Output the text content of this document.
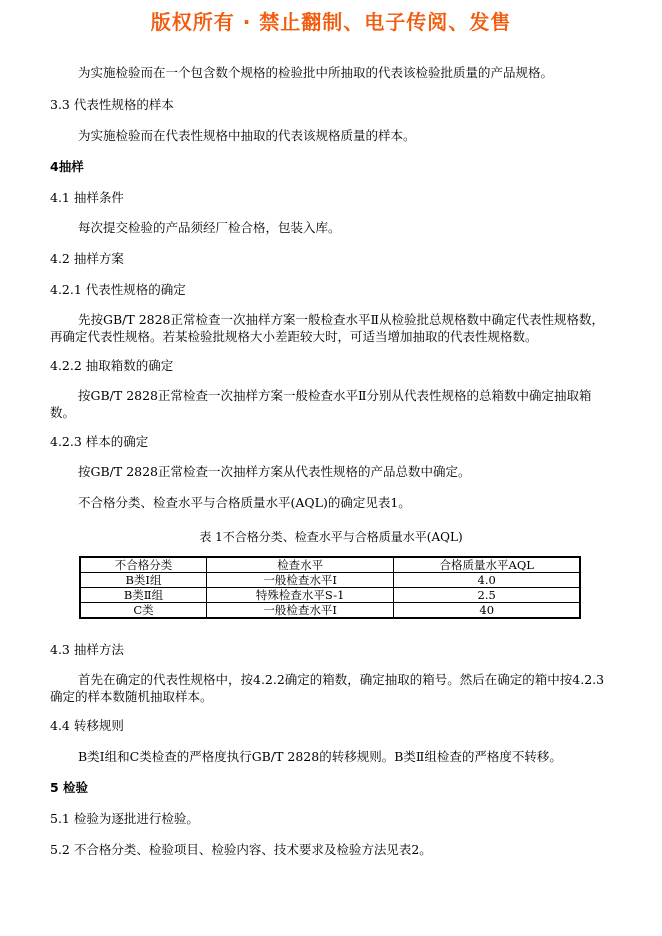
版权所有 · 禁止翻制、电子传阅、发售
为实施检验而在一个包含数个规格的检验批中所抽取的代表该检验批质量的产品规格。
3.3 代表性规格的样本
为实施检验而在代表性规格中抽取的代表该规格质量的样本。
4抽样
4.1 抽样条件
每次提交检验的产品须经厂检合格，包装入库。
4.2 抽样方案
4.2.1 代表性规格的确定
先按GB/T 2828正常检查一次抽样方案一般检查水平Ⅱ从检验批总规格数中确定代表性规格数，再确定代表性规格。若某检验批规格大小差距较大时，可适当增加抽取的代表性规格数。
4.2.2 抽取箱数的确定
按GB/T 2828正常检查一次抽样方案一般检查水平Ⅱ分别从代表性规格的总箱数中确定抽取箱数。
4.2.3 样本的确定
按GB/T 2828正常检查一次抽样方案从代表性规格的产品总数中确定。
不合格分类、检查水平与合格质量水平(AQL)的确定见表1。
表 1不合格分类、检查水平与合格质量水平(AQL)
不合格分类	检查水平	合格质量水平AQL
B类Ⅰ组	一般检查水平Ⅰ	4.0
B类Ⅱ组	特殊检查水平S-1	2.5
C类	一般检查水平Ⅰ	40
4.3 抽样方法
首先在确定的代表性规格中，按4.2.2确定的箱数，确定抽取的箱号。然后在确定的箱中按4.2.3确定的样本数随机抽取样本。
4.4 转移规则
B类Ⅰ组和C类检查的严格度执行GB/T 2828的转移规则。B类Ⅱ组检查的严格度不转移。
5 检验
5.1 检验为逐批进行检验。
5.2 不合格分类、检验项目、检验内容、技术要求及检验方法见表2。
